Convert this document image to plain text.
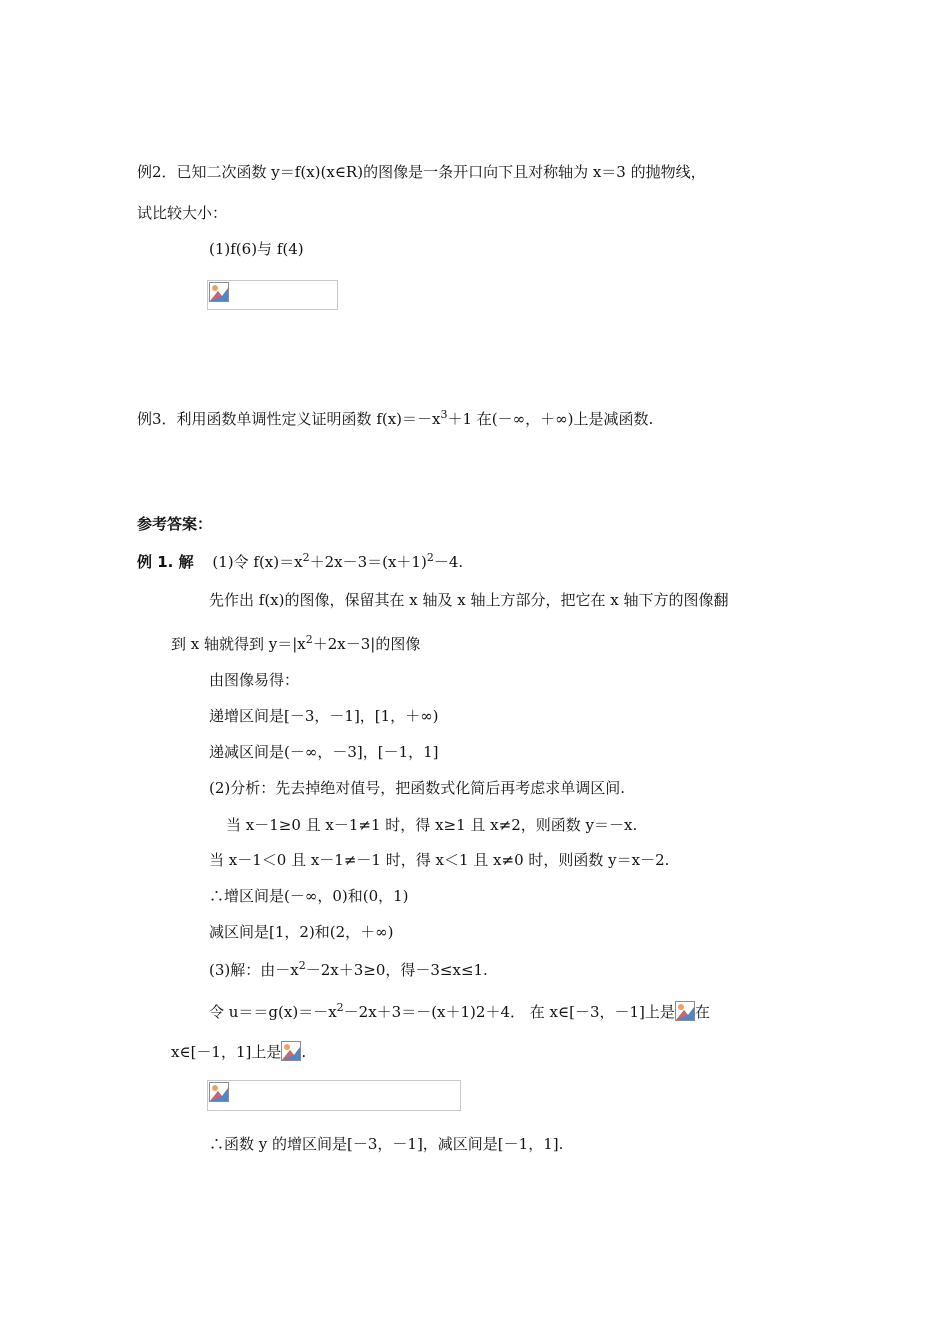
例2．已知二次函数 y＝f(x)(x∈R)的图像是一条开口向下且对称轴为 x＝3 的抛物线，
试比较大小：
(1)f(6)与 f(4)
例3．利用函数单调性定义证明函数 $f(x)=-x^3+1$ 在(－∞，＋∞)上是减函数.
参考答案：
例 1. 解 (1)令 $f(x)=x^2+2x-3=(x+1)^2-4$.
先作出 f(x)的图像，保留其在 x 轴及 x 轴上方部分，把它在 x 轴下方的图像翻
到 x 轴就得到 $y=|x^2+2x-3|$的图像
由图像易得：
递增区间是[－3，－1]，[1，＋∞)
递减区间是(－∞，－3]，[－1，1]
(2)分析：先去掉绝对值号，把函数式化简后再考虑求单调区间.
当 x－1≥0 且 x－1≠1 时，得 x≥1 且 x≠2，则函数 y＝－x.
当 x－1＜0 且 x－1≠－1 时，得 x＜1 且 x≠0 时，则函数 y＝x－2.
∴增区间是(－∞，0)和(0，1)
减区间是[1，2)和(2，＋∞)
(3)解：由$-x^2-2x+3\ge 0$，得－3≤x≤1.
令 $u==g(x)=-x^2-2x+3=-(x+1)2+4$． 在 x∈[－3，－1]上是 在
x∈[－1，1]上是 .
∴函数 y 的增区间是[－3，－1]，减区间是[－1，1].
